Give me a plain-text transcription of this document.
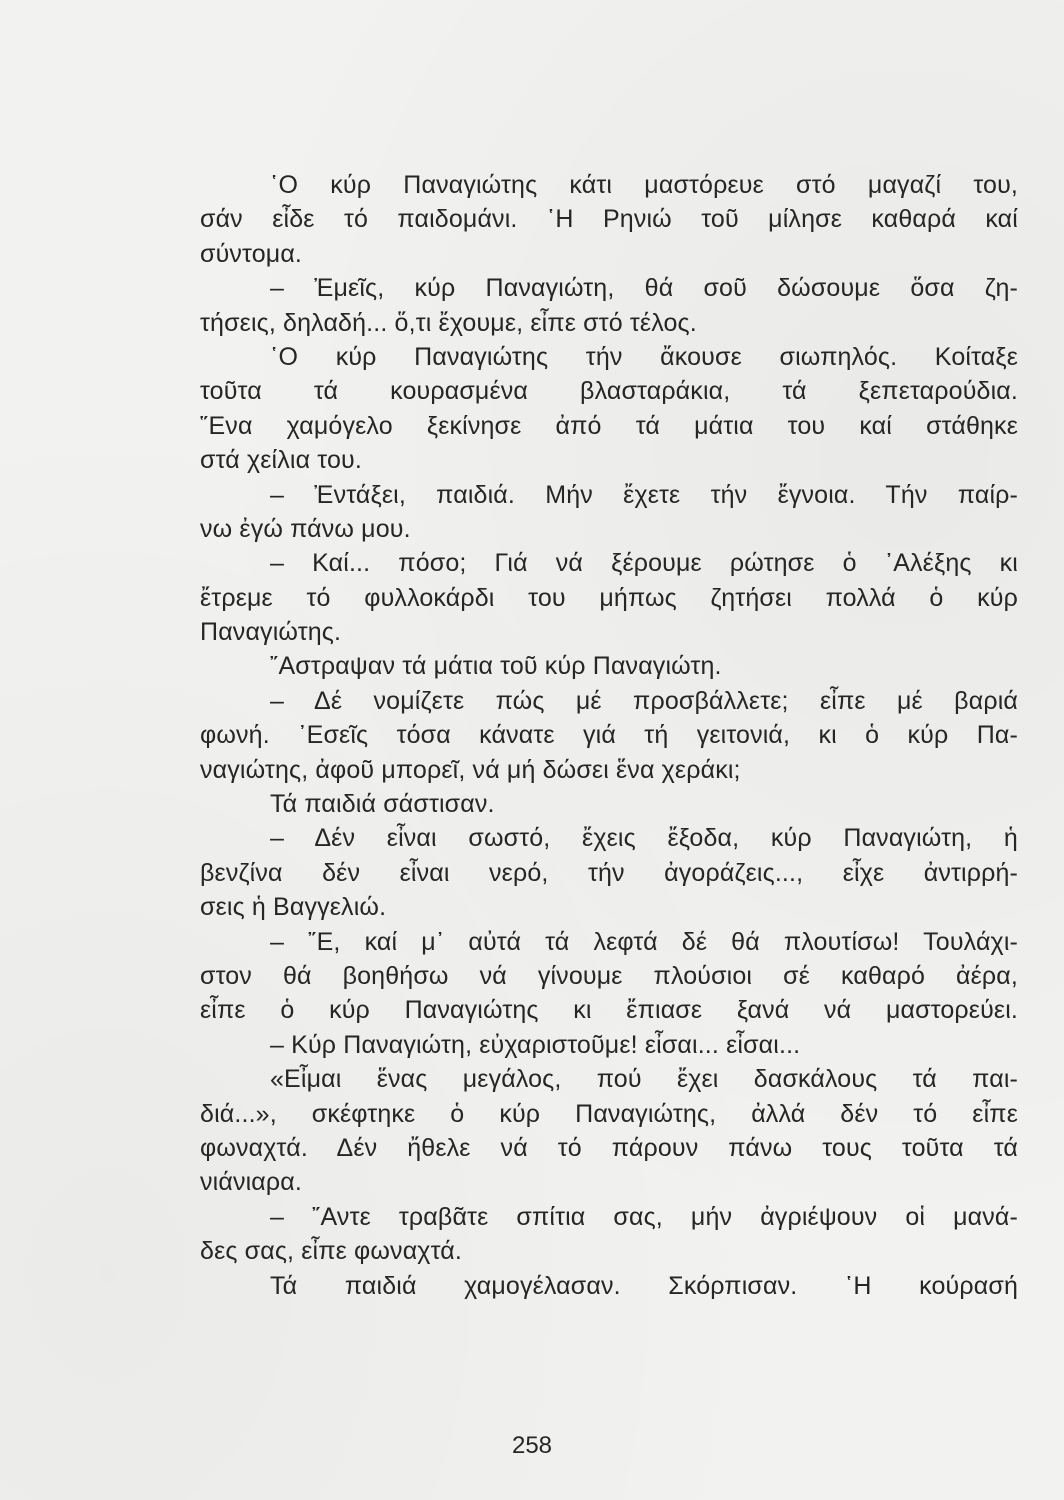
῾Ο κύρ Παναγιώτης κάτι μαστόρευε στό μαγαζί του,
σάν εἶδε τό παιδομάνι. ῾Η Ρηνιώ τοῦ μίλησε καθαρά καί
σύντομα.
– Ἐμεῖς, κύρ Παναγιώτη, θά σοῦ δώσουμε ὅσα ζη-
τήσεις, δηλαδή... ὅ,τι ἔχουμε, εἶπε στό τέλος.
῾Ο κύρ Παναγιώτης τήν ἄκουσε σιωπηλός. Κοίταξε
τοῦτα τά κουρασμένα βλασταράκια, τά ξεπεταρούδια.
῞Ενα χαμόγελο ξεκίνησε ἀπό τά μάτια του καί στάθηκε
στά χείλια του.
– Ἐντάξει, παιδιά. Μήν ἔχετε τήν ἔγνοια. Τήν παίρ-
νω ἐγώ πάνω μου.
– Καί... πόσο; Γιά νά ξέρουμε ρώτησε ὁ ᾿Αλέξης κι
ἔτρεμε τό φυλλοκάρδι του μήπως ζητήσει πολλά ὁ κύρ
Παναγιώτης.
῎Αστραψαν τά μάτια τοῦ κύρ Παναγιώτη.
– Δέ νομίζετε πώς μέ προσβάλλετε; εἶπε μέ βαριά
φωνή. ᾿Εσεῖς τόσα κάνατε γιά τή γειτονιά, κι ὁ κύρ Πα-
ναγιώτης, ἀφοῦ μπορεῖ, νά μή δώσει ἕνα χεράκι;
Τά παιδιά σάστισαν.
– Δέν εἶναι σωστό, ἔχεις ἔξοδα, κύρ Παναγιώτη, ἡ
βενζίνα δέν εἶναι νερό, τήν ἀγοράζεις..., εἶχε ἀντιρρή-
σεις ἡ Βαγγελιώ.
– ῎Ε, καί μ᾿ αὐτά τά λεφτά δέ θά πλουτίσω! Τουλάχι-
στον θά βοηθήσω νά γίνουμε πλούσιοι σέ καθαρό ἀέρα,
εἶπε ὁ κύρ Παναγιώτης κι ἔπιασε ξανά νά μαστορεύει.
– Κύρ Παναγιώτη, εὐχαριστοῦμε! εἶσαι... εἶσαι...
«Εἶμαι ἕνας μεγάλος, πού ἔχει δασκάλους τά παι-
διά...», σκέφτηκε ὁ κύρ Παναγιώτης, ἀλλά δέν τό εἶπε
φωναχτά. Δέν ἤθελε νά τό πάρουν πάνω τους τοῦτα τά
νιάνιαρα.
– ῎Αντε τραβᾶτε σπίτια σας, μήν ἀγριέψουν οἱ μανά-
δες σας, εἶπε φωναχτά.
Τά παιδιά χαμογέλασαν. Σκόρπισαν. ῾Η κούρασή
258
